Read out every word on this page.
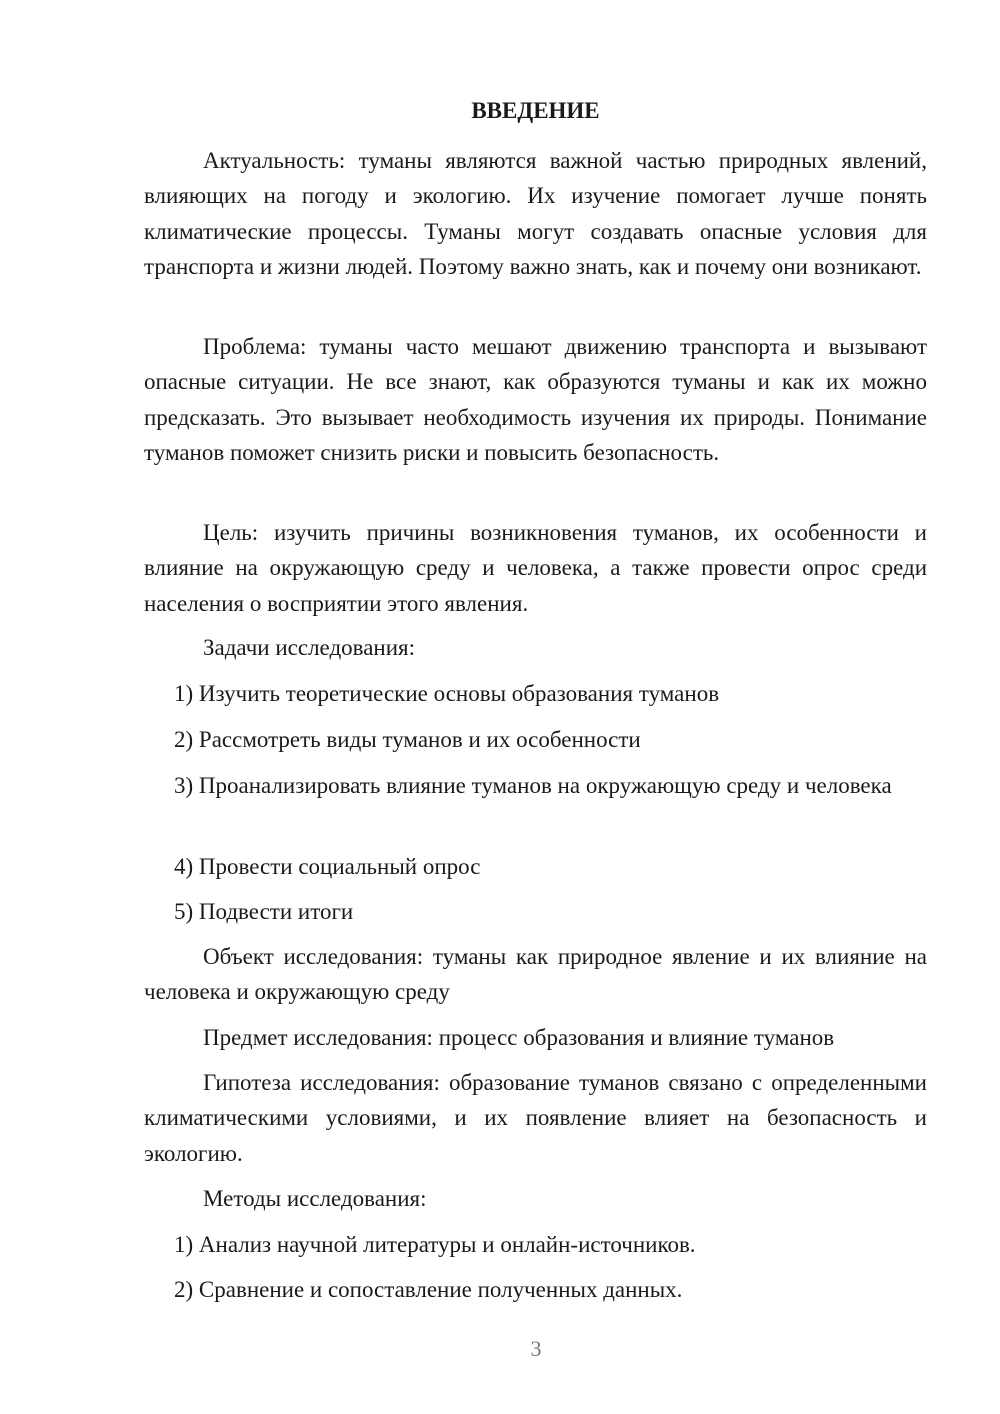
ВВЕДЕНИЕ

Актуальность: туманы являются важной частью природных явлений, влияющих на погоду и экологию. Их изучение помогает лучше понять климатические процессы. Туманы могут создавать опасные условия для транспорта и жизни людей. Поэтому важно знать, как и почему они возникают.

Проблема: туманы часто мешают движению транспорта и вызывают опасные ситуации. Не все знают, как образуются туманы и как их можно предсказать. Это вызывает необходимость изучения их природы. Понимание туманов поможет снизить риски и повысить безопасность.

Цель: изучить причины возникновения туманов, их особенности и влияние на окружающую среду и человека, а также провести опрос среди населения о восприятии этого явления.

Задачи исследования:

1) Изучить теоретические основы образования туманов

2) Рассмотреть виды туманов и их особенности

3) Проанализировать влияние туманов на окружающую среду и человека

4) Провести социальный опрос

5) Подвести итоги

Объект исследования: туманы как природное явление и их влияние на человека и окружающую среду

Предмет исследования: процесс образования и влияние туманов

Гипотеза исследования: образование туманов связано с определенными климатическими условиями, и их появление влияет на безопасность и экологию.

Методы исследования:

1) Анализ научной литературы и онлайн-источников.

2) Сравнение и сопоставление полученных данных.

3
